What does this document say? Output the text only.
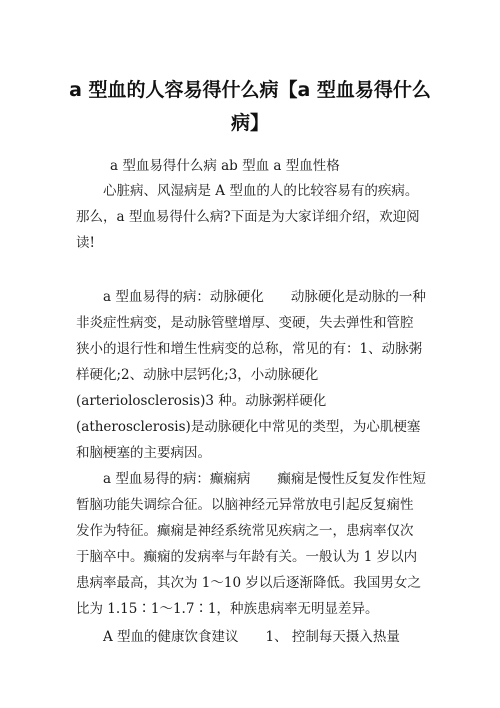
a 型血的人容易得什么病【a 型血易得什么
病】
a 型血易得什么病 ab 型血 a 型血性格
心脏病、风湿病是 A 型血的人的比较容易有的疾病。
那么，a 型血易得什么病?下面是为大家详细介绍，欢迎阅
读!
a 型血易得的病：动脉硬化　　动脉硬化是动脉的一种
非炎症性病变，是动脉管壁增厚、变硬，失去弹性和管腔
狭小的退行性和增生性病变的总称，常见的有：1、动脉粥
样硬化;2、动脉中层钙化;3，小动脉硬化
(arteriolosclerosis)3 种。动脉粥样硬化
(atherosclerosis)是动脉硬化中常见的类型，为心肌梗塞
和脑梗塞的主要病因。
a 型血易得的病：癫痫病　　癫痫是慢性反复发作性短
暂脑功能失调综合征。以脑神经元异常放电引起反复痫性
发作为特征。癫痫是神经系统常见疾病之一，患病率仅次
于脑卒中。癫痫的发病率与年龄有关。一般认为 1 岁以内
患病率最高，其次为 1～10 岁以后逐渐降低。我国男女之
比为 1.15∶1～1.7∶1，种族患病率无明显差异。
A 型血的健康饮食建议　　1、 控制每天摄入热量
